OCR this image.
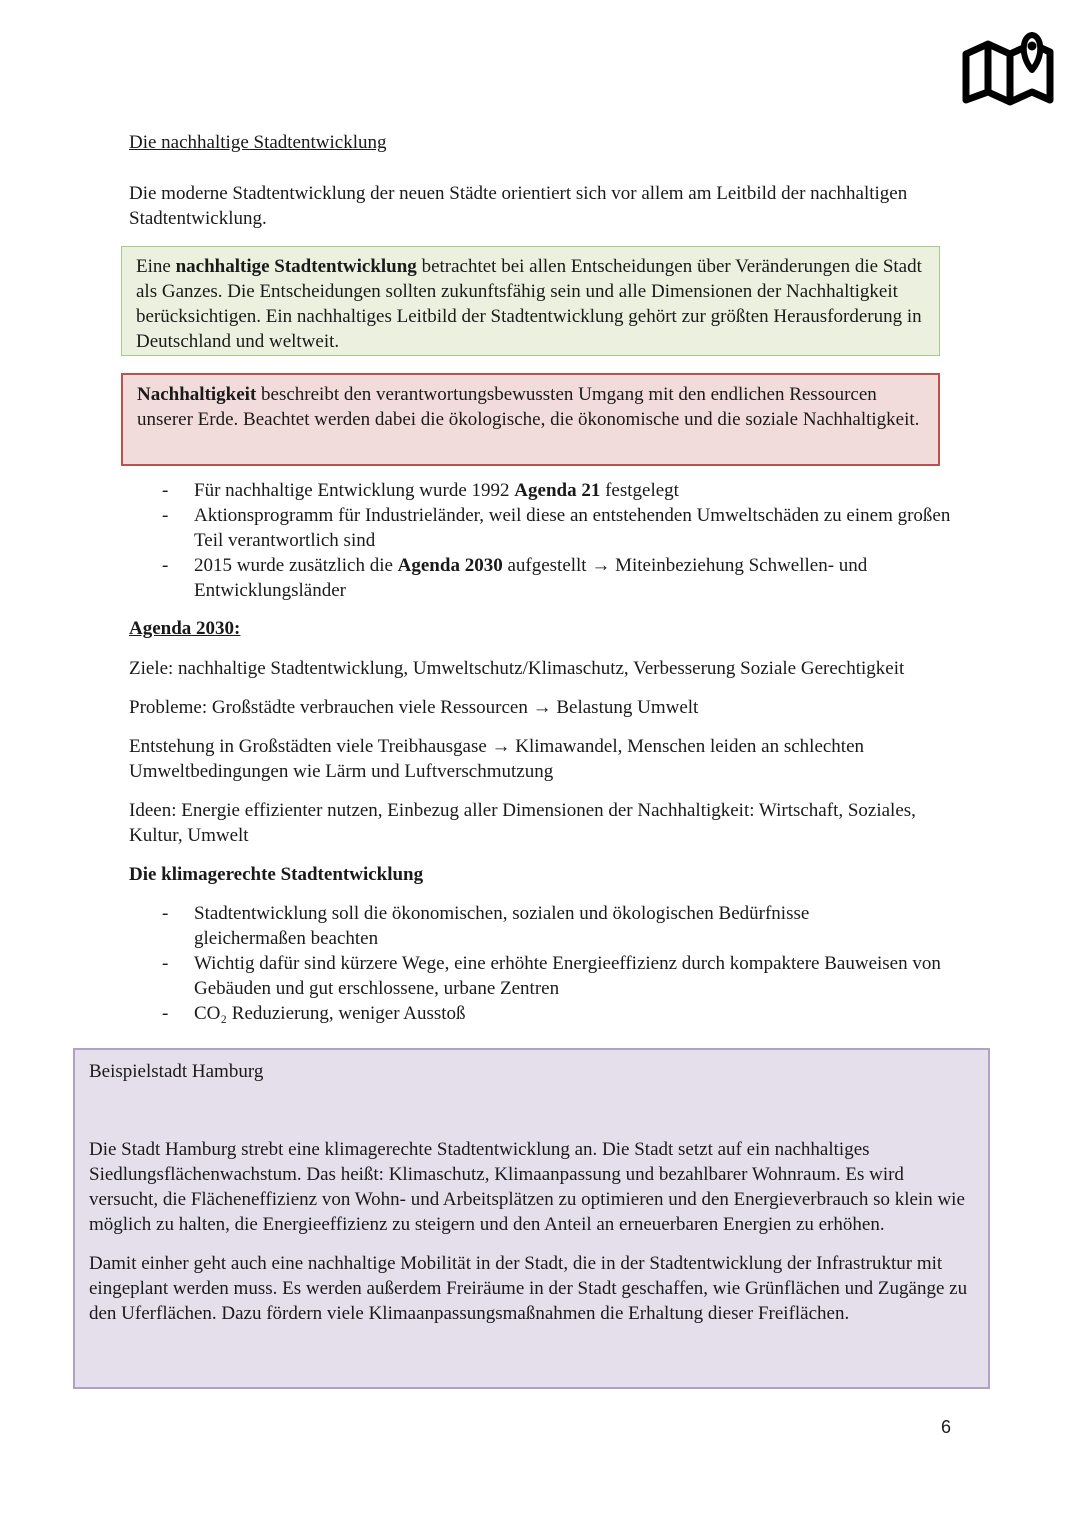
Die nachhaltige Stadtentwicklung
Die moderne Stadtentwicklung der neuen Städte orientiert sich vor allem am Leitbild der nachhaltigen Stadtentwicklung.
Eine nachhaltige Stadtentwicklung betrachtet bei allen Entscheidungen über Veränderungen die Stadt als Ganzes. Die Entscheidungen sollten zukunftsfähig sein und alle Dimensionen der Nachhaltigkeit berücksichtigen. Ein nachhaltiges Leitbild der Stadtentwicklung gehört zur größten Herausforderung in Deutschland und weltweit.
Nachhaltigkeit beschreibt den verantwortungsbewussten Umgang mit den endlichen Ressourcen unserer Erde. Beachtet werden dabei die ökologische, die ökonomische und die soziale Nachhaltigkeit.
- Für nachhaltige Entwicklung wurde 1992 Agenda 21 festgelegt
- Aktionsprogramm für Industrieländer, weil diese an entstehenden Umweltschäden zu einem großen Teil verantwortlich sind
- 2015 wurde zusätzlich die Agenda 2030 aufgestellt → Miteinbeziehung Schwellen- und Entwicklungsländer
Agenda 2030:
Ziele: nachhaltige Stadtentwicklung, Umweltschutz/Klimaschutz, Verbesserung Soziale Gerechtigkeit
Probleme: Großstädte verbrauchen viele Ressourcen → Belastung Umwelt
Entstehung in Großstädten viele Treibhausgase → Klimawandel, Menschen leiden an schlechten Umweltbedingungen wie Lärm und Luftverschmutzung
Ideen: Energie effizienter nutzen, Einbezug aller Dimensionen der Nachhaltigkeit: Wirtschaft, Soziales, Kultur, Umwelt
Die klimagerechte Stadtentwicklung
- Stadtentwicklung soll die ökonomischen, sozialen und ökologischen Bedürfnisse gleichermaßen beachten
- Wichtig dafür sind kürzere Wege, eine erhöhte Energieeffizienz durch kompaktere Bauweisen von Gebäuden und gut erschlossene, urbane Zentren
- CO₂ Reduzierung, weniger Ausstoß
Beispielstadt Hamburg
Die Stadt Hamburg strebt eine klimagerechte Stadtentwicklung an. Die Stadt setzt auf ein nachhaltiges Siedlungsflächenwachstum. Das heißt: Klimaschutz, Klimaanpassung und bezahlbarer Wohnraum. Es wird versucht, die Flächeneffizienz von Wohn- und Arbeitsplätzen zu optimieren und den Energieverbrauch so klein wie möglich zu halten, die Energieeffizienz zu steigern und den Anteil an erneuerbaren Energien zu erhöhen.
Damit einher geht auch eine nachhaltige Mobilität in der Stadt, die in der Stadtentwicklung der Infrastruktur mit eingeplant werden muss. Es werden außerdem Freiräume in der Stadt geschaffen, wie Grünflächen und Zugänge zu den Uferflächen. Dazu fördern viele Klimaanpassungsmaßnahmen die Erhaltung dieser Freiflächen.
6
